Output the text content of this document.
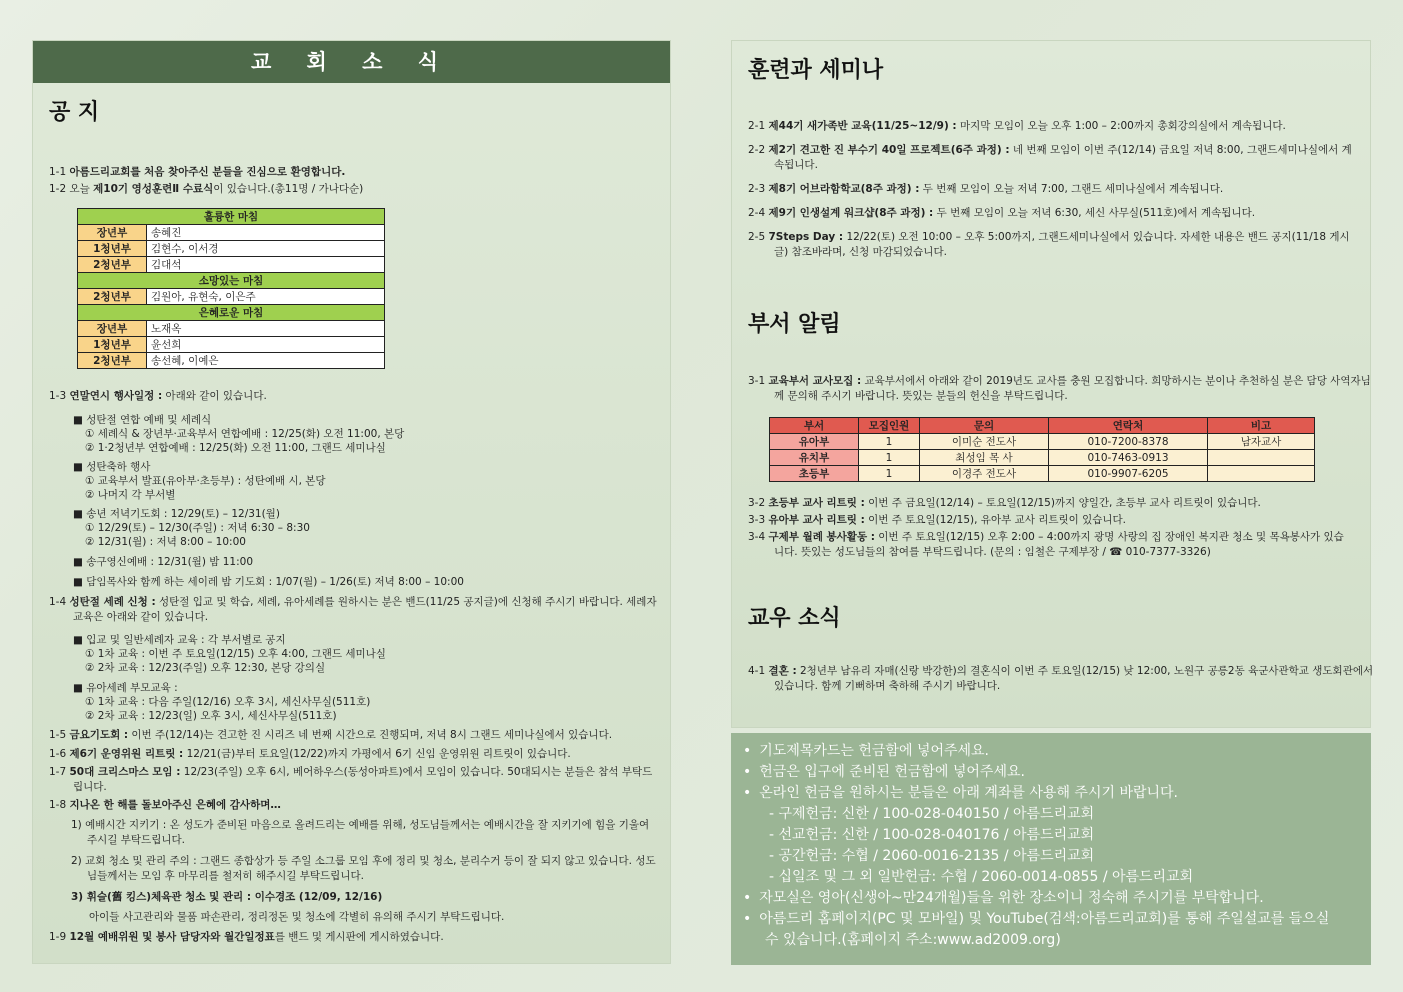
교 회 소 식
공 지

1-1 아름드리교회를 처음 찾아주신 분들을 진심으로 환영합니다.

1-2 오늘 제10기 영성훈련Ⅱ 수료식이 있습니다.(총11명 / 가나다순)

훌륭한 마침	
장년부	송혜진
1청년부	김현수, 이서경
2청년부	김대석
소망있는 마침	
2청년부	김원아, 유현숙, 이은주
은혜로운 마침	
장년부	노재옥
1청년부	윤선희
2청년부	송선혜, 이예은

1-3 연말연시 행사일정 : 아래와 같이 있습니다.

■ 성탄절 연합 예배 및 세례식

① 세례식 & 장년부·교육부서 연합예배 : 12/25(화) 오전 11:00, 본당

② 1·2청년부 연합예배 : 12/25(화) 오전 11:00, 그랜드 세미나실

■ 성탄축하 행사

① 교육부서 발표(유아부·초등부) : 성탄예배 시, 본당

② 나머지 각 부서별

■ 송년 저녁기도회 : 12/29(토) – 12/31(월)

① 12/29(토) – 12/30(주일) : 저녁 6:30 – 8:30

② 12/31(월) : 저녁 8:00 – 10:00

■ 송구영신예배 : 12/31(월) 밤 11:00

■ 담임목사와 함께 하는 세이레 밤 기도회 : 1/07(월) – 1/26(토) 저녁 8:00 – 10:00

1-4 성탄절 세례 신청 : 성탄절 입교 및 학습, 세례, 유아세례를 원하시는 분은 밴드(11/25 공지글)에 신청해 주시기 바랍니다. 세례자 교육은 아래와 같이 있습니다.

■ 입교 및 일반세례자 교육 : 각 부서별로 공지

① 1차 교육 : 이번 주 토요일(12/15) 오후 4:00, 그랜드 세미나실

② 2차 교육 : 12/23(주일) 오후 12:30, 본당 강의실

■ 유아세례 부모교육 :

① 1차 교육 : 다음 주일(12/16) 오후 3시, 세신사무실(511호)

② 2차 교육 : 12/23(일) 오후 3시, 세신사무실(511호)

1-5 금요기도회 : 이번 주(12/14)는 견고한 진 시리즈 네 번째 시간으로 진행되며, 저녁 8시 그랜드 세미나실에서 있습니다.

1-6 제6기 운영위원 리트릿 : 12/21(금)부터 토요일(12/22)까지 가평에서 6기 신임 운영위원 리트릿이 있습니다.

1-7 50대 크리스마스 모임 : 12/23(주일) 오후 6시, 베어하우스(동성아파트)에서 모임이 있습니다. 50대되시는 분들은 참석 부탁드립니다.

1-8 지나온 한 해를 돌보아주신 은혜에 감사하며…

1) 예배시간 지키기 : 온 성도가 준비된 마음으로 올려드리는 예배를 위해, 성도님들께서는 예배시간을 잘 지키기에 힘을 기울여 주시길 부탁드립니다.

2) 교회 청소 및 관리 주의 : 그랜드 종합상가 등 주일 소그룹 모임 후에 정리 및 청소, 분리수거 등이 잘 되지 않고 있습니다. 성도님들께서는 모임 후 마무리를 철저히 해주시길 부탁드립니다.

3) 휘슬(舊 킹스)체육관 청소 및 관리 : 이수경조 (12/09, 12/16)

아이들 사고관리와 물품 파손관리, 정리정돈 및 청소에 각별히 유의해 주시기 부탁드립니다.

1-9 12월 예배위원 및 봉사 담당자와 월간일정표를 밴드 및 게시판에 게시하였습니다.

훈련과 세미나

2-1 제44기 새가족반 교육(11/25~12/9) : 마지막 모임이 오늘 오후 1:00 – 2:00까지 총회강의실에서 계속됩니다.

2-2 제2기 견고한 진 부수기 40일 프로젝트(6주 과정) : 네 번째 모임이 이번 주(12/14) 금요일 저녁 8:00, 그랜드세미나실에서 계속됩니다.

2-3 제8기 어브라함학교(8주 과정) : 두 번째 모임이 오늘 저녁 7:00, 그랜드 세미나실에서 계속됩니다.

2-4 제9기 인생설계 워크샵(8주 과정) : 두 번째 모임이 오늘 저녁 6:30, 세신 사무실(511호)에서 계속됩니다.

2-5 7Steps Day : 12/22(토) 오전 10:00 – 오후 5:00까지, 그랜드세미나실에서 있습니다. 자세한 내용은 밴드 공지(11/18 게시글) 참조바라며, 신청 마감되었습니다.

부서 알림

3-1 교육부서 교사모집 : 교육부서에서 아래와 같이 2019년도 교사를 충원 모집합니다. 희망하시는 분이나 추천하실 분은 담당 사역자님께 문의해 주시기 바랍니다. 뜻있는 분들의 헌신을 부탁드립니다.

부서	모집인원	문의	연락처	비고
유아부	1	이미순 전도사	010-7200-8378	남자교사
유치부	1	최성임 목 사	010-7463-0913	
초등부	1	이경주 전도사	010-9907-6205	

3-2 초등부 교사 리트릿 : 이번 주 금요일(12/14) – 토요일(12/15)까지 양일간, 초등부 교사 리트릿이 있습니다.

3-3 유아부 교사 리트릿 : 이번 주 토요일(12/15), 유아부 교사 리트릿이 있습니다.

3-4 구제부 월례 봉사활동 : 이번 주 토요일(12/15) 오후 2:00 – 4:00까지 광명 사랑의 집 장애인 복지관 청소 및 목욕봉사가 있습니다. 뜻있는 성도님들의 참여를 부탁드립니다. (문의 : 임철은 구제부장 / ☎ 010-7377-3326)

교우 소식

4-1 결혼 : 2청년부 남유리 자매(신랑 박강한)의 결혼식이 이번 주 토요일(12/15) 낮 12:00, 노원구 공릉2동 육군사관학교 생도회관에서 있습니다. 함께 기뻐하며 축하해 주시기 바랍니다.

• 기도제목카드는 헌금함에 넣어주세요.

• 헌금은 입구에 준비된 헌금함에 넣어주세요.

• 온라인 헌금을 원하시는 분들은 아래 계좌를 사용해 주시기 바랍니다.

- 구제헌금: 신한 / 100-028-040150 / 아름드리교회

- 선교헌금: 신한 / 100-028-040176 / 아름드리교회

- 공간헌금: 수협 / 2060-0016-2135 / 아름드리교회

- 십일조 및 그 외 일반헌금: 수협 / 2060-0014-0855 / 아름드리교회

• 자모실은 영아(신생아~만24개월)들을 위한 장소이니 정숙해 주시기를 부탁합니다.

• 아름드리 홈페이지(PC 및 모바일) 및 YouTube(검색:아름드리교회)를 통해 주일설교를 들으실

수 있습니다.(홈페이지 주소:www.ad2009.org)
